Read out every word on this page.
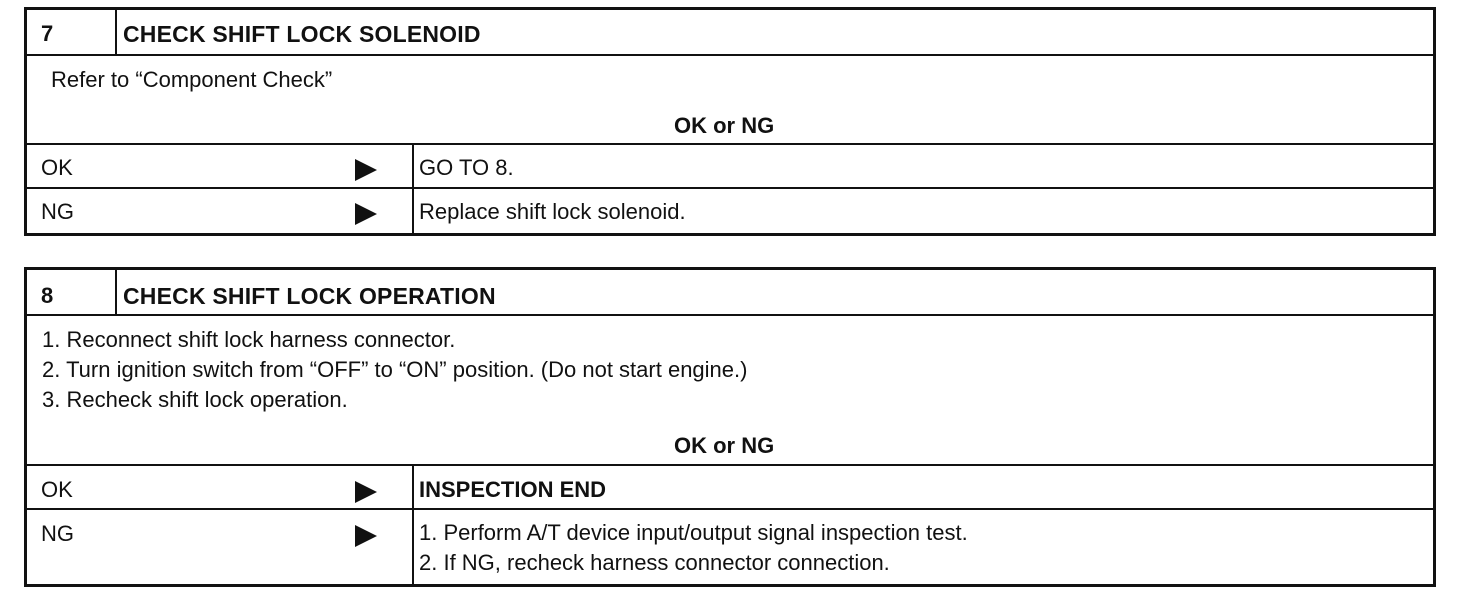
7	CHECK SHIFT LOCK SOLENOID
Refer to “Component Check”
OK or NG
OK	GO TO 8.
NG	Replace shift lock solenoid.
8	CHECK SHIFT LOCK OPERATION
1. Reconnect shift lock harness connector.
2. Turn ignition switch from “OFF” to “ON” position. (Do not start engine.)
3. Recheck shift lock operation.
OK or NG
OK	INSPECTION END
NG	1. Perform A/T device input/output signal inspection test.
2. If NG, recheck harness connector connection.
